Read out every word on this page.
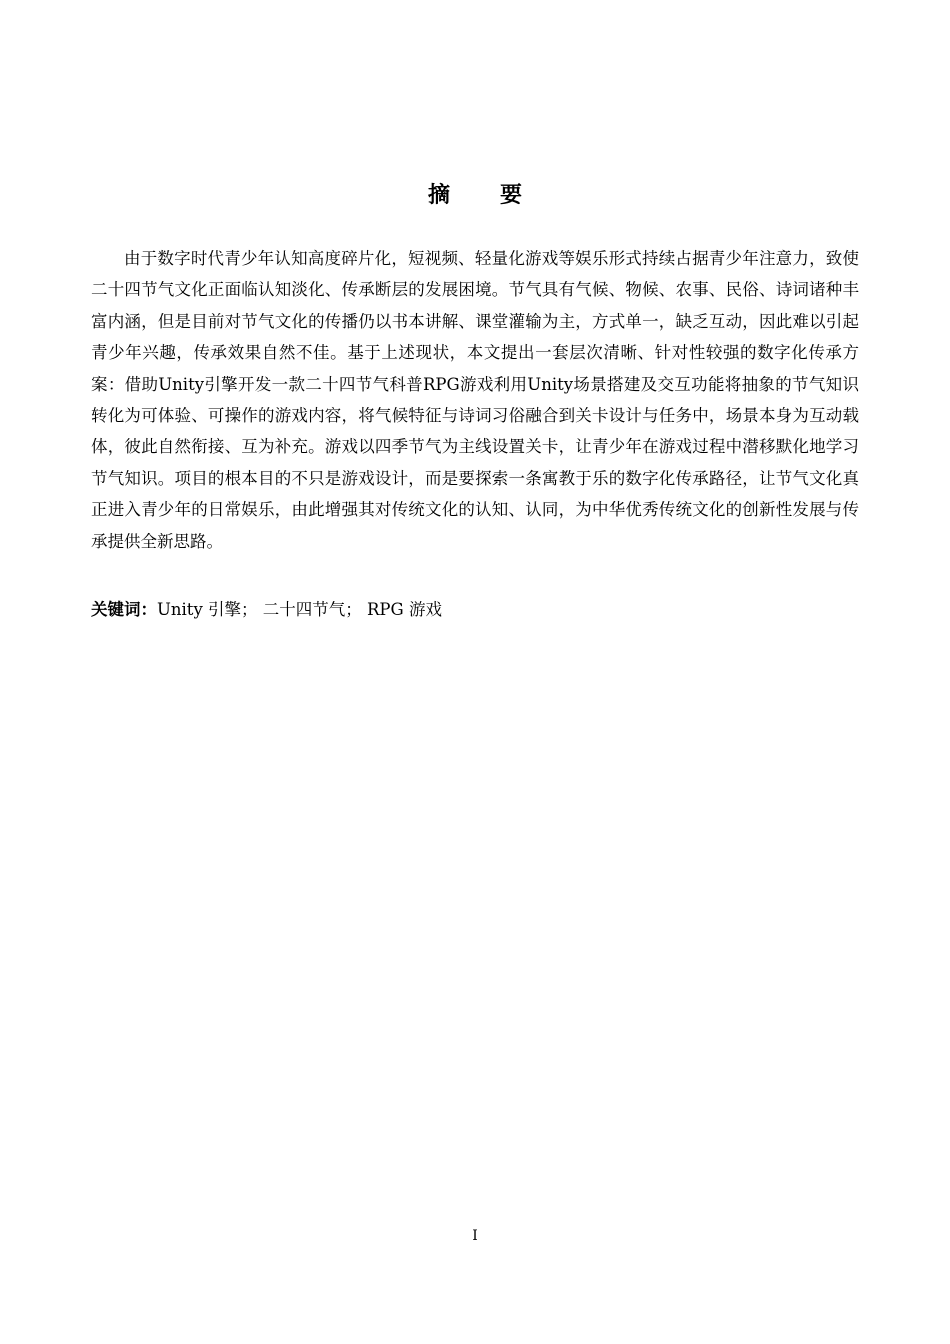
摘要

由于数字时代青少年认知高度碎片化，短视频、轻量化游戏等娱乐形式持续占据青少年注意力，致使二十四节气文化正面临认知淡化、传承断层的发展困境。节气具有气候、物候、农事、民俗、诗词诸种丰富内涵，但是目前对节气文化的传播仍以书本讲解、课堂灌输为主，方式单一，缺乏互动，因此难以引起青少年兴趣，传承效果自然不佳。基于上述现状，本文提出一套层次清晰、针对性较强的数字化传承方案：借助Unity引擎开发一款二十四节气科普RPG游戏利用Unity场景搭建及交互功能将抽象的节气知识转化为可体验、可操作的游戏内容，将气候特征与诗词习俗融合到关卡设计与任务中，场景本身为互动载体，彼此自然衔接、互为补充。游戏以四季节气为主线设置关卡，让青少年在游戏过程中潜移默化地学习节气知识。项目的根本目的不只是游戏设计，而是要探索一条寓教于乐的数字化传承路径，让节气文化真正进入青少年的日常娱乐，由此增强其对传统文化的认知、认同，为中华优秀传统文化的创新性发展与传承提供全新思路。

关键词：Unity 引擎； 二十四节气； RPG 游戏

I
